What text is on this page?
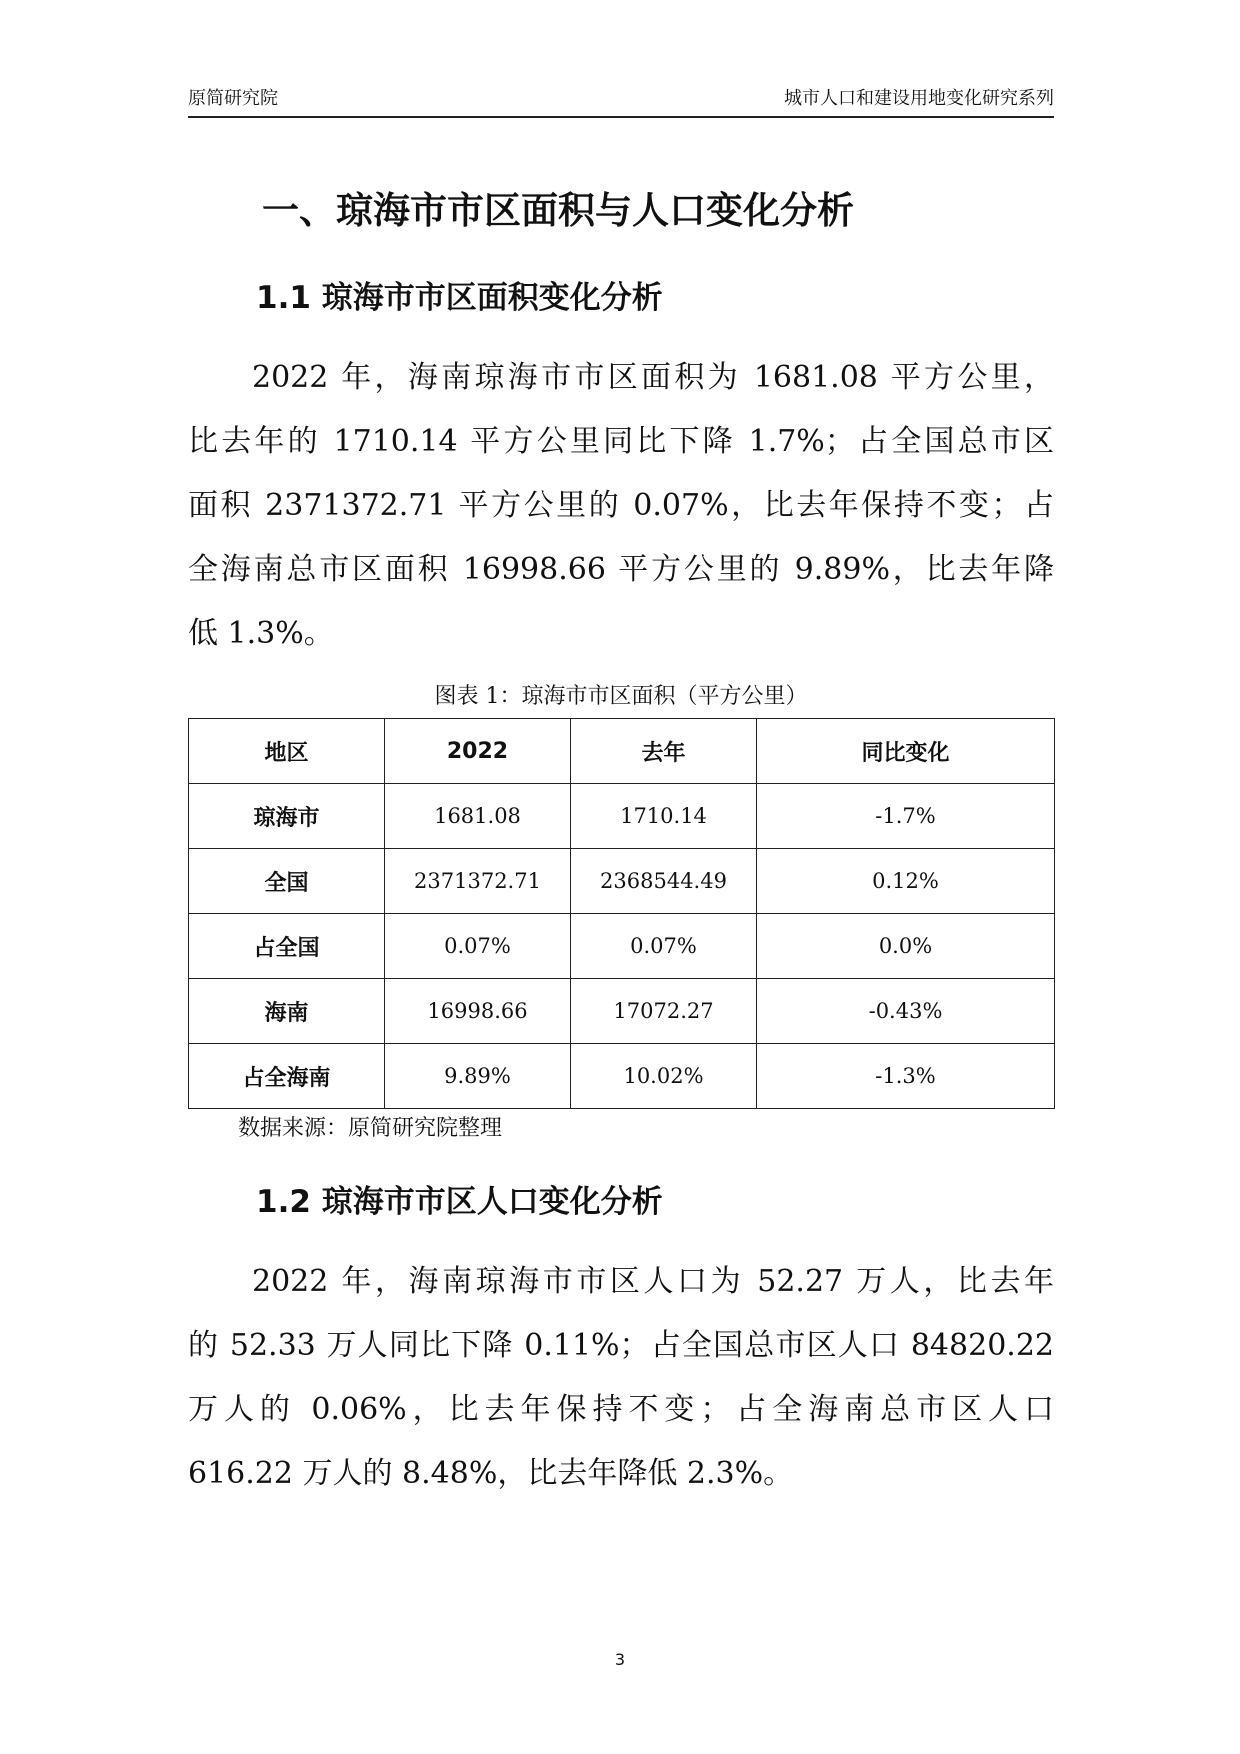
原简研究院	城市人口和建设用地变化研究系列
一、琼海市市区面积与人口变化分析
1.1 琼海市市区面积变化分析
2022 年，海南琼海市市区面积为 1681.08 平方公里，
比去年的 1710.14 平方公里同比下降 1.7%；占全国总市区
面积 2371372.71 平方公里的 0.07%，比去年保持不变；占
全海南总市区面积 16998.66 平方公里的 9.89%，比去年降
低 1.3%。
图表 1：琼海市市区面积（平方公里）
地区	2022	去年	同比变化
琼海市	1681.08	1710.14	-1.7%
全国	2371372.71	2368544.49	0.12%
占全国	0.07%	0.07%	0.0%
海南	16998.66	17072.27	-0.43%
占全海南	9.89%	10.02%	-1.3%
数据来源：原简研究院整理
1.2 琼海市市区人口变化分析
2022 年，海南琼海市市区人口为 52.27 万人，比去年
的 52.33 万人同比下降 0.11%；占全国总市区人口 84820.22
万人的 0.06%，比去年保持不变；占全海南总市区人口
616.22 万人的 8.48%，比去年降低 2.3%。
3
